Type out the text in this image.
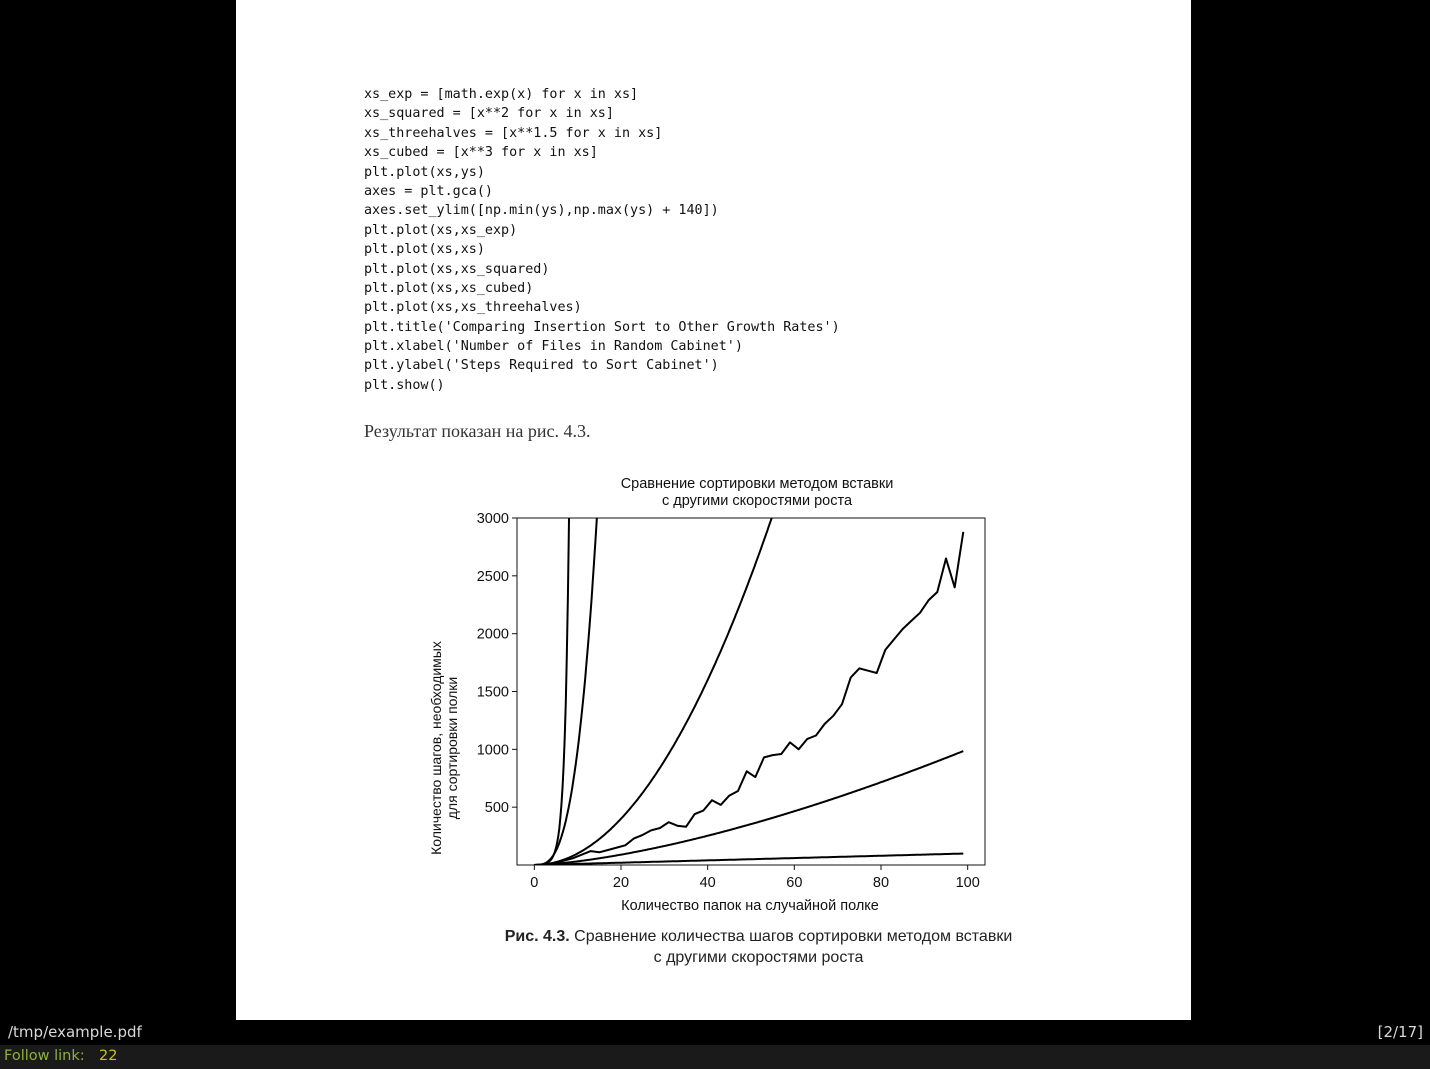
xs_exp = [math.exp(x) for x in xs]
xs_squared = [x**2 for x in xs]
xs_threehalves = [x**1.5 for x in xs]
xs_cubed = [x**3 for x in xs]
plt.plot(xs,ys)
axes = plt.gca()
axes.set_ylim([np.min(ys),np.max(ys) + 140])
plt.plot(xs,xs_exp)
plt.plot(xs,xs)
plt.plot(xs,xs_squared)
plt.plot(xs,xs_cubed)
plt.plot(xs,xs_threehalves)
plt.title('Comparing Insertion Sort to Other Growth Rates')
plt.xlabel('Number of Files in Random Cabinet')
plt.ylabel('Steps Required to Sort Cabinet')
plt.show()
Результат показан на рис. 4.3.
Сравнение сортировки методом вставки
с другими скоростями роста
Количество шагов, необходимых для сортировки полки
Количество папок на случайной полке
0	20	40	60	80	100
500
1000
1500
2000
2500
3000
Рис. 4.3. Сравнение количества шагов сортировки методом вставки
с другими скоростями роста
/tmp/example.pdf	[2/17]
Follow link: 22
